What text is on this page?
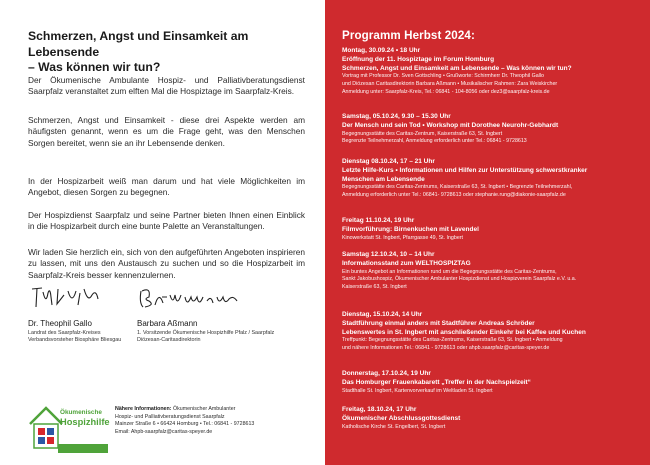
Schmerzen, Angst und Einsamkeit am Lebensende
– Was können wir tun?

Der Ökumenische Ambulante Hospiz- und Palliativberatungsdienst Saarpfalz veranstaltet zum elften Mal die Hospiztage im Saarpfalz-Kreis.

Schmerzen, Angst und Einsamkeit - diese drei Aspekte werden am häufigsten genannt, wenn es um die Frage geht, was den Menschen Sorgen bereitet, wenn sie an ihr Lebensende denken.

In der Hospizarbeit weiß man darum und hat viele Möglichkeiten im Angebot, diesen Sorgen zu begegnen.

Der Hospizdienst Saarpfalz und seine Partner bieten Ihnen einen Einblick in die Hospizarbeit durch eine bunte Palette an Veranstaltungen.

Wir laden Sie herzlich ein, sich von den aufgeführten Angeboten inspirieren zu lassen, mit uns den Austausch zu suchen und so die Hospizarbeit im Saarpfalz-Kreis besser kennenzulernen.

Dr. Theophil Gallo
Landrat des Saarpfalz-Kreises
Verbandsvorsteher Biosphäre Bliesgau
Barbara Aßmann
1. Vorsitzende Ökumenische Hospizhilfe Pfalz / Saarpfalz
Diözesan-Caritasdirektorin
Ökumenische
Hospizhilfe
Pfalz/Saarpfalz
Nähere Informationen: Ökumenischer Ambulanter
Hospiz- und Palliativberatungsdienst Saarpfalz
Mainzer Straße 6 • 66424 Homburg • Tel.: 06841 - 9728613
Email: Ahpb-saarpfalz@caritas-speyer.de
Programm Herbst 2024:
Montag, 30.09.24 • 18 Uhr
Eröffnung der 11. Hospiztage im Forum Homburg
Schmerzen, Angst und Einsamkeit am Lebensende – Was können wir tun?
Vortrag mit Professor Dr. Sven Gottschling • Grußworte: Schirmherr Dr. Theophil Gallo
und Diözesan Caritasdirektorin Barbara Aßmann • Musikalischer Rahmen: Zara Weiskircher
Anmeldung unter: Saarpfalz-Kreis, Tel.: 06841 - 104-8056 oder dez3@saarpfalz-kreis.de
Samstag, 05.10.24, 9.30 – 15.30 Uhr
Der Mensch und sein Tod • Workshop mit Dorothee Neurohr-Gebhardt
Begegnungsstätte des Caritas-Zentrum, Kaiserstraße 63, St. Ingbert
Begrenzte Teilnehmerzahl, Anmeldung erforderlich unter Tel.: 06841 - 9728613
Dienstag 08.10.24, 17 – 21 Uhr
Letzte Hilfe-Kurs • Informationen und Hilfen zur Unterstützung schwerstkranker
Menschen am Lebensende
Begegnungsstätte des Caritas-Zentrums, Kaiserstraße 63, St. Ingbert • Begrenzte Teilnehmerzahl,
Anmeldung erforderlich unter Tel.: 06841- 9728613 oder stephanie.rung@diakonie-saarpfalz.de
Freitag 11.10.24, 19 Uhr
Filmvorführung: Birnenkuchen mit Lavendel
Kinowerkstatt St. Ingbert, Pfarrgasse 49, St. Ingbert
Samstag 12.10.24, 10 – 14 Uhr
Informationsstand zum WELTHOSPIZTAG
Ein buntes Angebot an Informationen rund um die Begegnungsstätte des Caritas-Zentrums,
Sankt Jakobushospiz, Ökumenischer Ambulanter Hospizdienst und Hospizverein Saarpfalz e.V. u.a.
Kaiserstraße 63, St. Ingbert
Dienstag, 15.10.24, 14 Uhr
Stadtführung einmal anders mit Stadtführer Andreas Schröder
Lebenswertes in St. Ingbert mit anschließender Einkehr bei Kaffee und Kuchen
Treffpunkt: Begegnungsstätte des Caritas-Zentrums, Kaiserstraße 63, St. Ingbert • Anmeldung
und nähere Informationen Tel.: 06841 - 9728613 oder ahpb.saarpfalz@caritas-speyer.de
Donnerstag, 17.10.24, 19 Uhr
Das Homburger Frauenkabarett „Treffer in der Nachspielzeit“
Stadthalle St. Ingbert, Kartenvorverkauf im Weltladen St. Ingbert
Freitag, 18.10.24, 17 Uhr
Ökumenischer Abschlussgottesdienst
Katholische Kirche St. Engelbert, St. Ingbert
